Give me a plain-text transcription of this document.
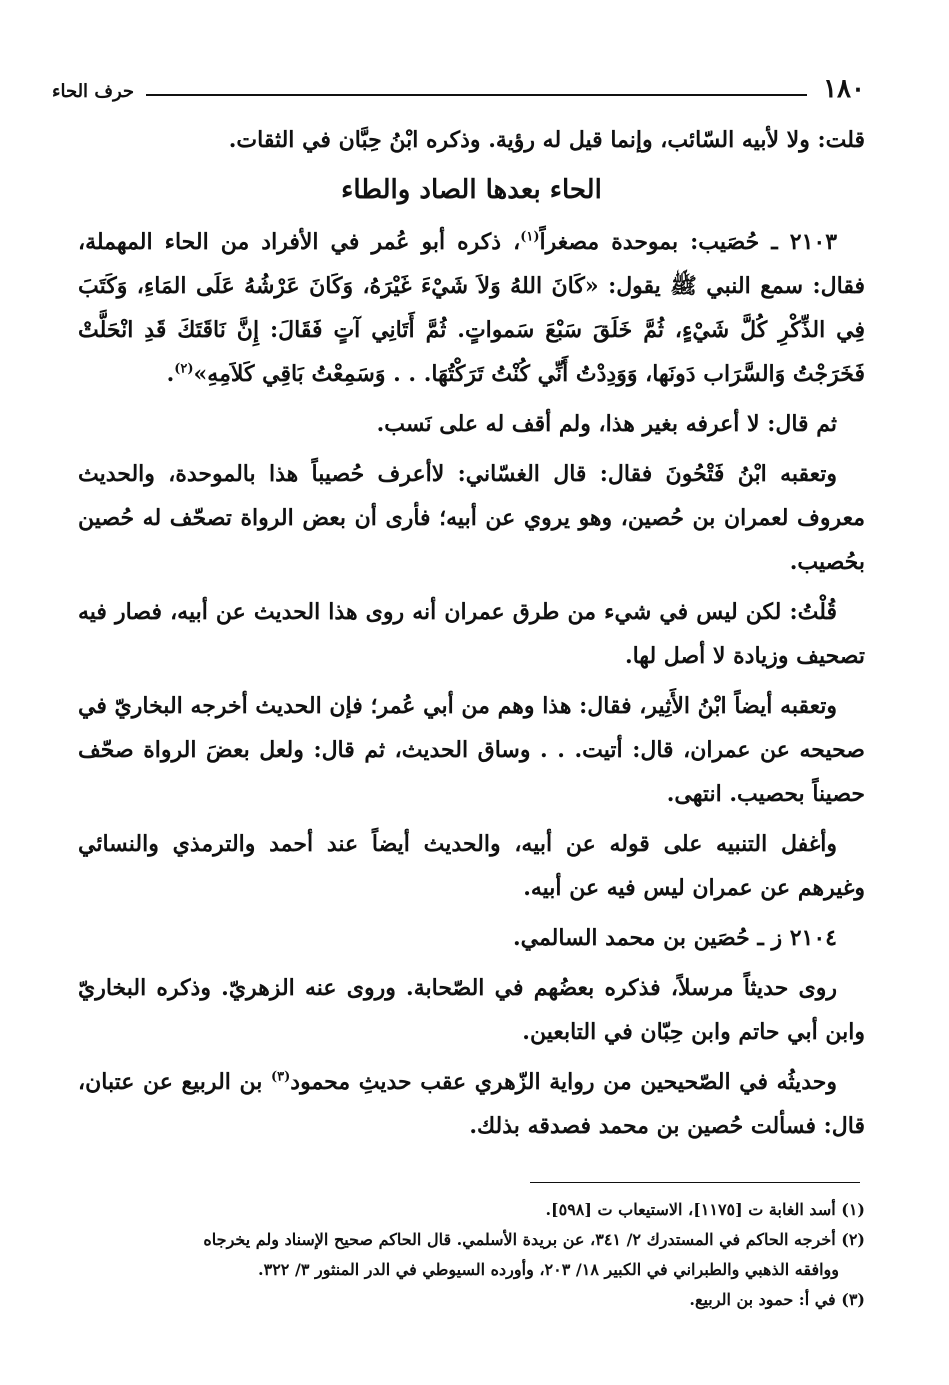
١٨٠
حرف الحاء

قلت: ولا لأبيه السّائب، وإنما قيل له رؤية. وذكره ابْنُ حِبَّان في الثقات.

الحاء بعدها الصاد والطاء

٢١٠٣ ـ حُصَيب: بموحدة مصغراً$^{(١)}$، ذكره أبو عُمر في الأفراد من الحاء المهملة، فقال: سمع النبي ﷺ يقول: «كَانَ اللهُ وَلاَ شَيْءَ غَيْرَهُ، وَكَانَ عَرْشُهُ عَلَى المَاءِ، وَكَتَبَ فِي الذِّكْرِ كُلَّ شَيْءٍ، ثُمَّ خَلَقَ سَبْعَ سَمواتٍ. ثُمَّ أَتَانِي آتٍ فَقَالَ: إِنَّ نَاقَتَكَ قَدِ انْحَلَّتْ فَخَرَجْتُ وَالسَّرَاب دَونَها، وَوَدِدْتُ أَنِّي كُنْتُ تَرَكْتُهَا. . . وَسَمِعْتُ بَاقِي كَلاَمِهِ»$^{(٢)}$.

ثم قال: لا أعرفه بغير هذا، ولم أقف له على نَسب.

وتعقبه ابْنُ فَتْحُونَ فقال: قال الغسّاني: لاأعرف حُصيباً هذا بالموحدة، والحديث معروف لعمران بن حُصين، وهو يروي عن أبيه؛ فأرى أن بعض الرواة تصحّف له حُصين بحُصيب.

قُلْتُ: لكن ليس في شيء من طرق عمران أنه روى هذا الحديث عن أبيه، فصار فيه تصحيف وزيادة لا أصل لها.

وتعقبه أيضاً ابْنُ الأَثِير، فقال: هذا وهم من أبي عُمر؛ فإن الحديث أخرجه البخاريّ في صحيحه عن عمران، قال: أتيت. . . وساق الحديث، ثم قال: ولعل بعضَ الرواة صحّف حصيناً بحصيب. انتهى.

وأغفل التنبيه على قوله عن أبيه، والحديث أيضاً عند أحمد والترمذي والنسائي وغيرهم عن عمران ليس فيه عن أبيه.

٢١٠٤ ز ـ حُصَين بن محمد السالمي.

روى حديثاً مرسلاً، فذكره بعضُهم في الصّحابة. وروى عنه الزهريّ. وذكره البخاريّ وابن أبي حاتم وابن حِبّان في التابعين.

وحديثُه في الصّحيحين من رواية الزّهري عقب حديثِ محمود$^{(٣)}$ بن الربيع عن عتبان، قال: فسألت حُصين بن محمد فصدقه بذلك.

(١) أسد الغابة ت [١١٧٥]، الاستيعاب ت [٥٩٨].
(٢) أخرجه الحاكم في المستدرك ٢/ ٣٤١، عن بريدة الأسلمي. قال الحاكم صحيح الإسناد ولم يخرجاه
ووافقه الذهبي والطبراني في الكبير ١٨/ ٢٠٣، وأورده السيوطي في الدر المنثور ٣/ ٣٢٢.
(٣) في أ: حمود بن الربيع.
